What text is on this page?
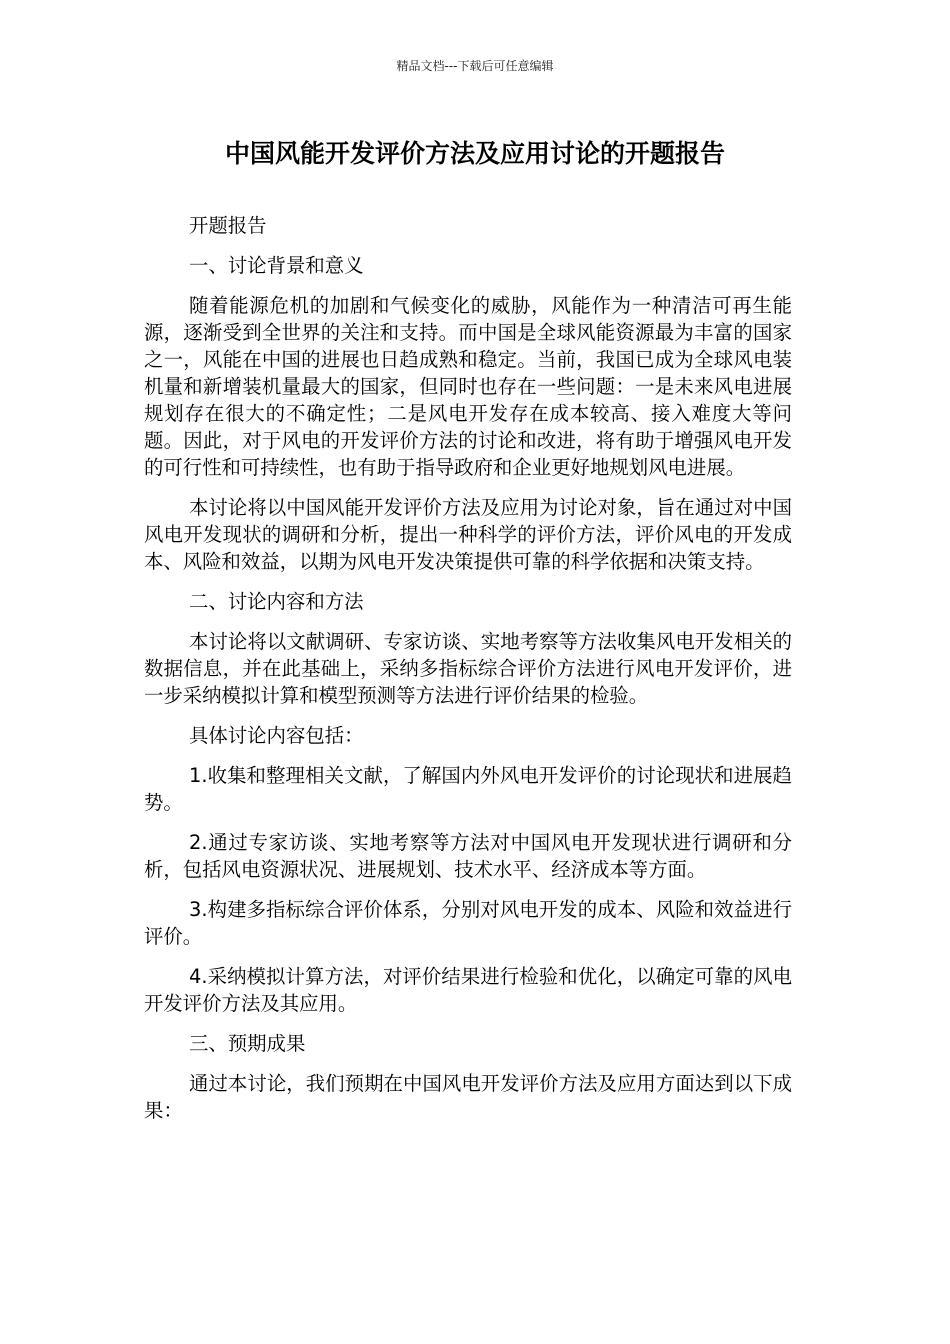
精品文档---下载后可任意编辑
中国风能开发评价方法及应用讨论的开题报告

开题报告

一、讨论背景和意义

随着能源危机的加剧和气候变化的威胁，风能作为一种清洁可再生能源，逐渐受到全世界的关注和支持。而中国是全球风能资源最为丰富的国家之一，风能在中国的进展也日趋成熟和稳定。当前，我国已成为全球风电装机量和新增装机量最大的国家，但同时也存在一些问题：一是未来风电进展规划存在很大的不确定性；二是风电开发存在成本较高、接入难度大等问题。因此，对于风电的开发评价方法的讨论和改进，将有助于增强风电开发的可行性和可持续性，也有助于指导政府和企业更好地规划风电进展。

本讨论将以中国风能开发评价方法及应用为讨论对象，旨在通过对中国风电开发现状的调研和分析，提出一种科学的评价方法，评价风电的开发成本、风险和效益，以期为风电开发决策提供可靠的科学依据和决策支持。

二、讨论内容和方法

本讨论将以文献调研、专家访谈、实地考察等方法收集风电开发相关的数据信息，并在此基础上，采纳多指标综合评价方法进行风电开发评价，进一步采纳模拟计算和模型预测等方法进行评价结果的检验。

具体讨论内容包括：

1.收集和整理相关文献，了解国内外风电开发评价的讨论现状和进展趋势。

2.通过专家访谈、实地考察等方法对中国风电开发现状进行调研和分析，包括风电资源状况、进展规划、技术水平、经济成本等方面。

3.构建多指标综合评价体系，分别对风电开发的成本、风险和效益进行评价。

4.采纳模拟计算方法，对评价结果进行检验和优化，以确定可靠的风电开发评价方法及其应用。

三、预期成果

通过本讨论，我们预期在中国风电开发评价方法及应用方面达到以下成果：
